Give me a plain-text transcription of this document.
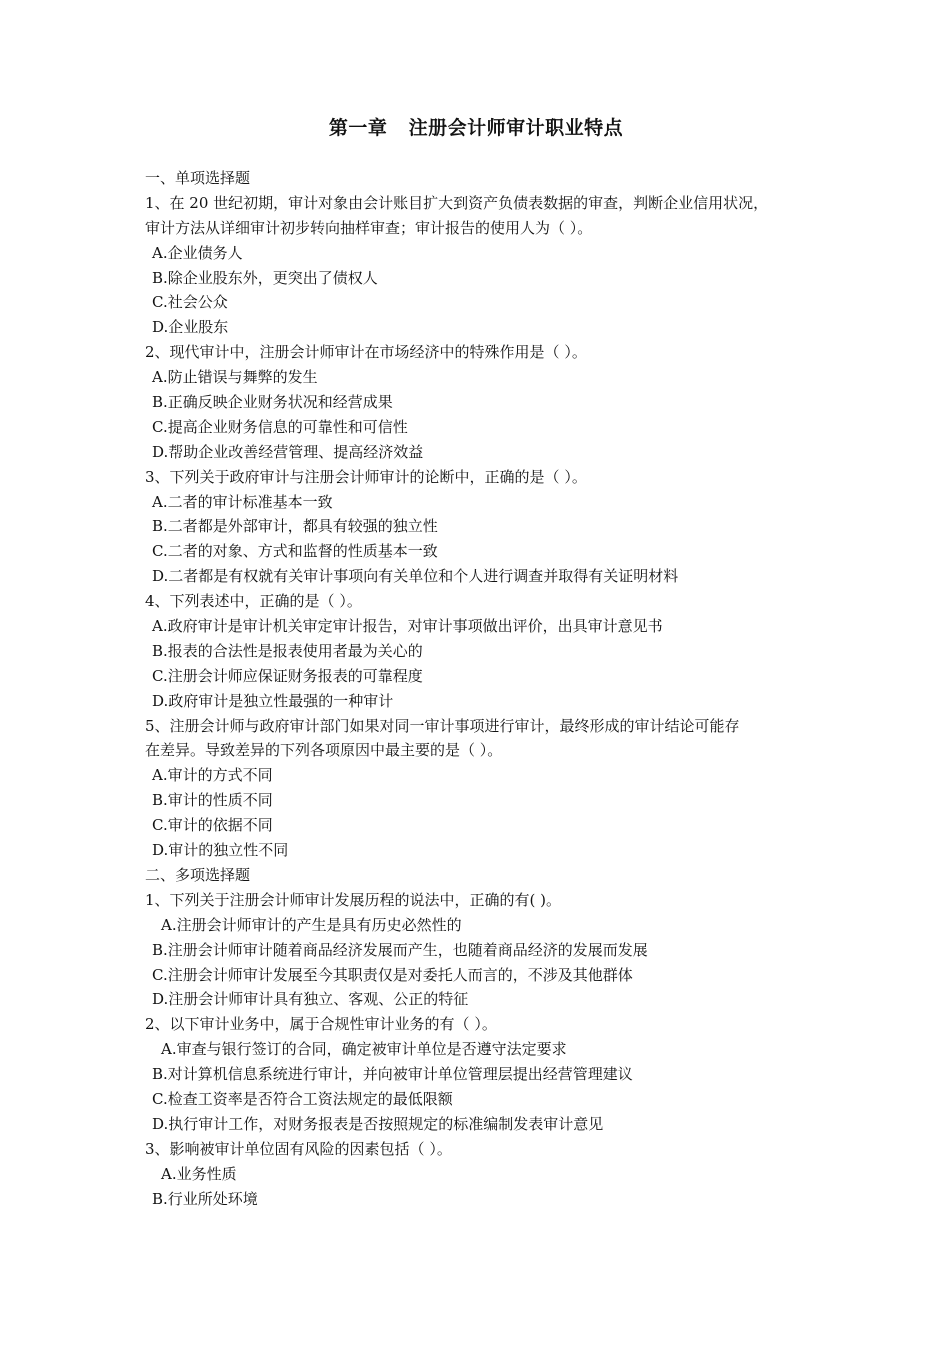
第一章   注册会计师审计职业特点
一、单项选择题
1、在 20 世纪初期，审计对象由会计账目扩大到资产负债表数据的审查，判断企业信用状况，
审计方法从详细审计初步转向抽样审查；审计报告的使用人为（ ）。
A.企业债务人
B.除企业股东外，更突出了债权人
C.社会公众
D.企业股东
2、现代审计中，注册会计师审计在市场经济中的特殊作用是（ ）。
A.防止错误与舞弊的发生
B.正确反映企业财务状况和经营成果
C.提高企业财务信息的可靠性和可信性
D.帮助企业改善经营管理、提高经济效益
3、下列关于政府审计与注册会计师审计的论断中，正确的是（ ）。
A.二者的审计标准基本一致
B.二者都是外部审计，都具有较强的独立性
C.二者的对象、方式和监督的性质基本一致
D.二者都是有权就有关审计事项向有关单位和个人进行调查并取得有关证明材料
4、下列表述中，正确的是（ ）。
A.政府审计是审计机关审定审计报告，对审计事项做出评价，出具审计意见书
B.报表的合法性是报表使用者最为关心的
C.注册会计师应保证财务报表的可靠程度
D.政府审计是独立性最强的一种审计
5、注册会计师与政府审计部门如果对同一审计事项进行审计，最终形成的审计结论可能存
在差异。导致差异的下列各项原因中最主要的是（ ）。
A.审计的方式不同
B.审计的性质不同
C.审计的依据不同
D.审计的独立性不同
二、多项选择题
1、下列关于注册会计师审计发展历程的说法中，正确的有( )。
A.注册会计师审计的产生是具有历史必然性的
B.注册会计师审计随着商品经济发展而产生，也随着商品经济的发展而发展
C.注册会计师审计发展至今其职责仅是对委托人而言的，不涉及其他群体
D.注册会计师审计具有独立、客观、公正的特征
2、以下审计业务中，属于合规性审计业务的有（ ）。
A.审查与银行签订的合同，确定被审计单位是否遵守法定要求
B.对计算机信息系统进行审计，并向被审计单位管理层提出经营管理建议
C.检查工资率是否符合工资法规定的最低限额
D.执行审计工作，对财务报表是否按照规定的标准编制发表审计意见
3、影响被审计单位固有风险的因素包括（ ）。
A.业务性质
B.行业所处环境
